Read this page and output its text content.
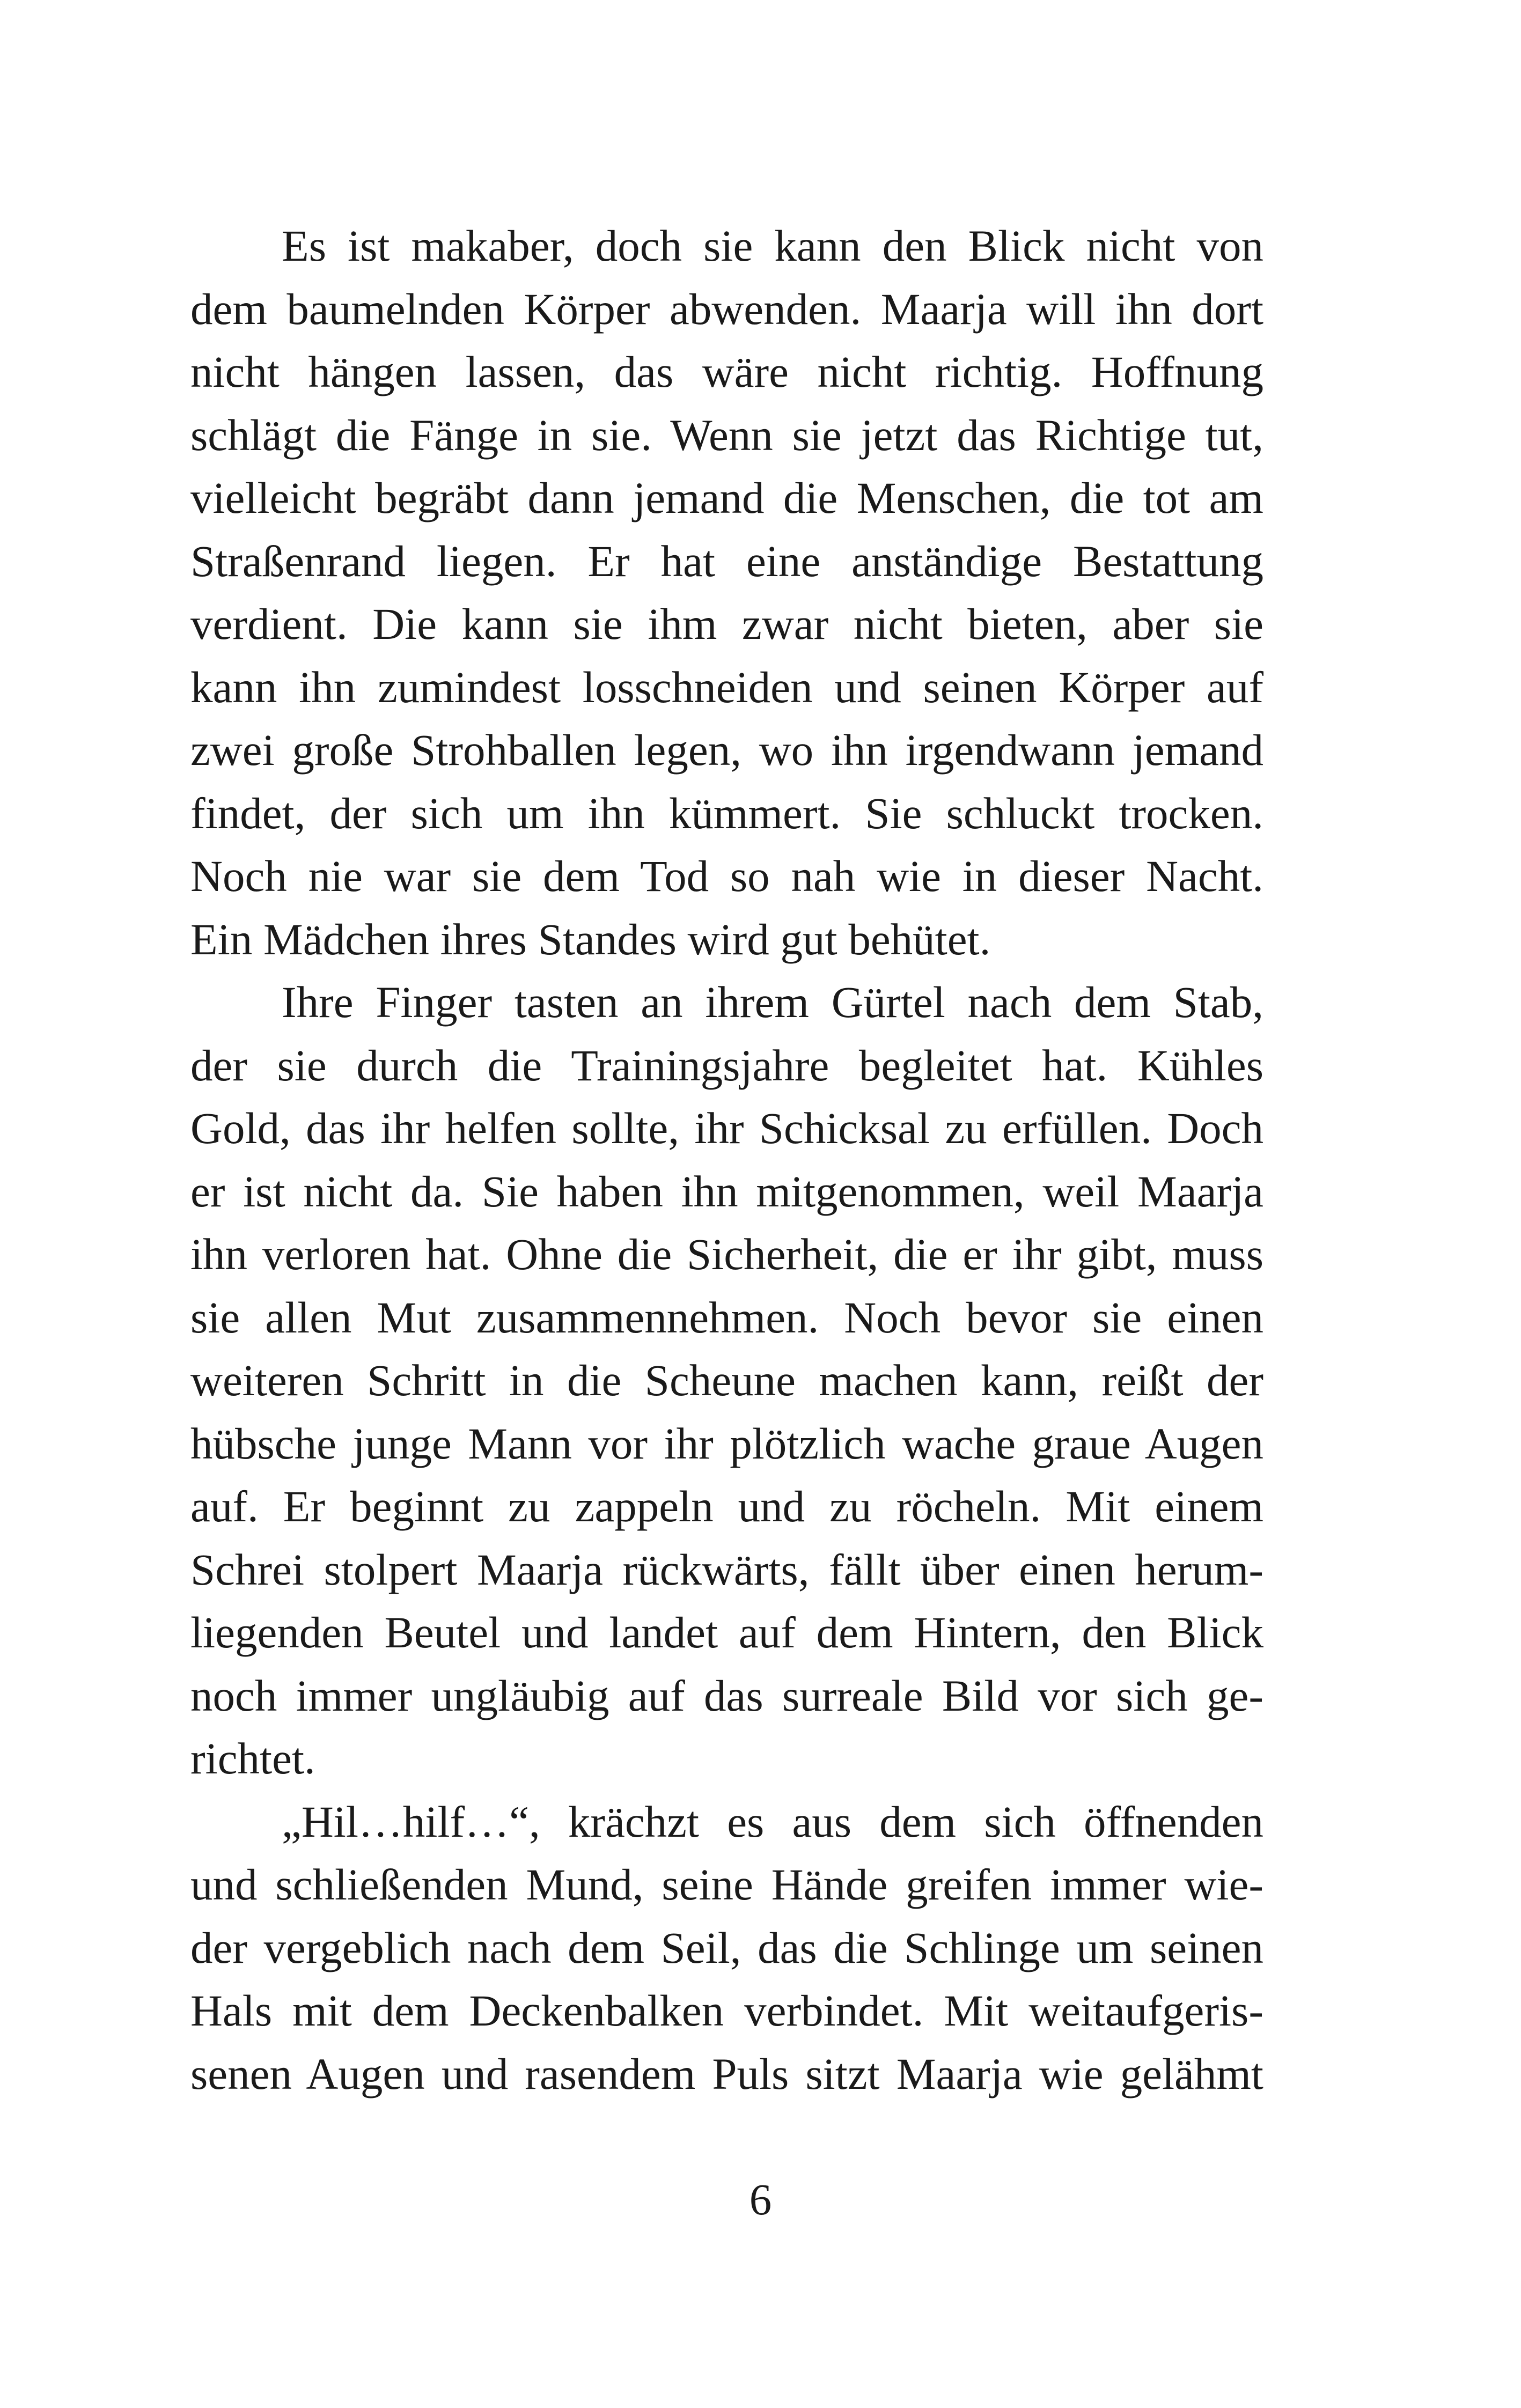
Es ist makaber, doch sie kann den Blick nicht von
dem baumelnden Körper abwenden. Maarja will ihn dort
nicht hängen lassen, das wäre nicht richtig. Hoffnung
schlägt die Fänge in sie. Wenn sie jetzt das Richtige tut,
vielleicht begräbt dann jemand die Menschen, die tot am
Straßenrand liegen. Er hat eine anständige Bestattung
verdient. Die kann sie ihm zwar nicht bieten, aber sie
kann ihn zumindest losschneiden und seinen Körper auf
zwei große Strohballen legen, wo ihn irgendwann jemand
findet, der sich um ihn kümmert. Sie schluckt trocken.
Noch nie war sie dem Tod so nah wie in dieser Nacht.
Ein Mädchen ihres Standes wird gut behütet.
Ihre Finger tasten an ihrem Gürtel nach dem Stab,
der sie durch die Trainingsjahre begleitet hat. Kühles
Gold, das ihr helfen sollte, ihr Schicksal zu erfüllen. Doch
er ist nicht da. Sie haben ihn mitgenommen, weil Maarja
ihn verloren hat. Ohne die Sicherheit, die er ihr gibt, muss
sie allen Mut zusammennehmen. Noch bevor sie einen
weiteren Schritt in die Scheune machen kann, reißt der
hübsche junge Mann vor ihr plötzlich wache graue Augen
auf. Er beginnt zu zappeln und zu röcheln. Mit einem
Schrei stolpert Maarja rückwärts, fällt über einen herum-
liegenden Beutel und landet auf dem Hintern, den Blick
noch immer ungläubig auf das surreale Bild vor sich ge-
richtet.
„Hil…hilf…“, krächzt es aus dem sich öffnenden
und schließenden Mund, seine Hände greifen immer wie-
der vergeblich nach dem Seil, das die Schlinge um seinen
Hals mit dem Deckenbalken verbindet. Mit weitaufgeris-
senen Augen und rasendem Puls sitzt Maarja wie gelähmt
6
